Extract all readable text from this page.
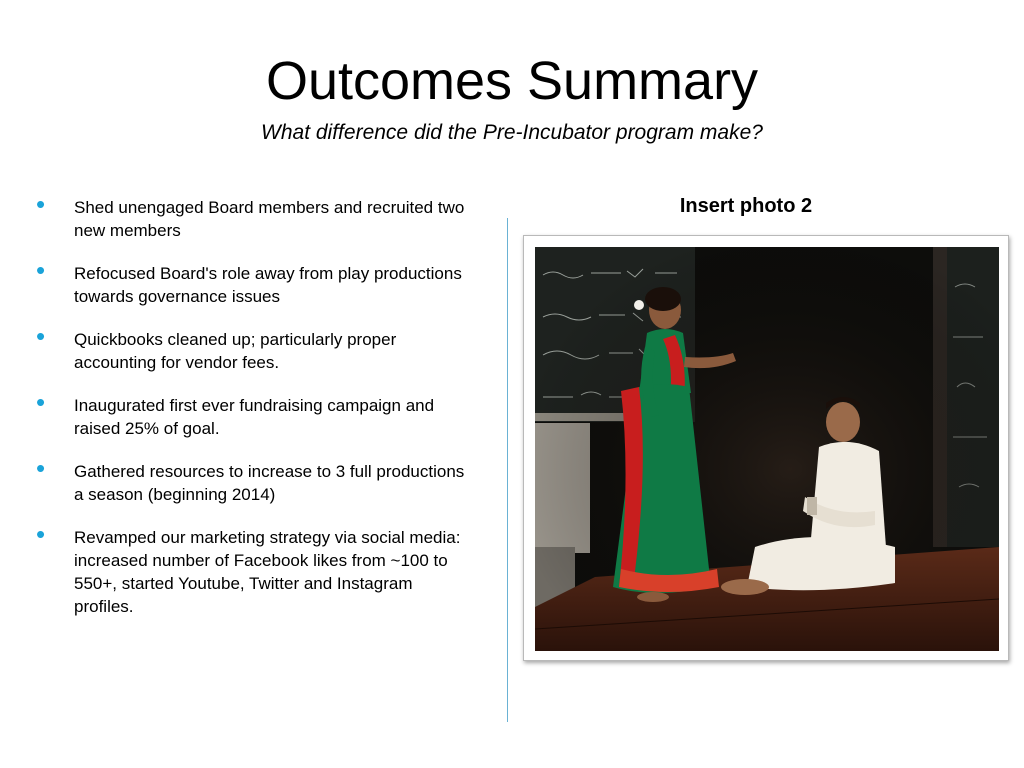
Outcomes Summary

What difference did the Pre-Incubator program make?

• Shed unengaged Board members and recruited two new members
• Refocused Board's role away from play productions towards governance issues
• Quickbooks cleaned up; particularly proper accounting for vendor fees.
• Inaugurated first ever fundraising campaign and raised 25% of goal.
• Gathered resources to increase to 3 full productions a season (beginning 2014)
• Revamped our marketing strategy via social media: increased number of Facebook likes from ~100 to 550+, started Youtube, Twitter and Instagram profiles.

Insert photo 2
